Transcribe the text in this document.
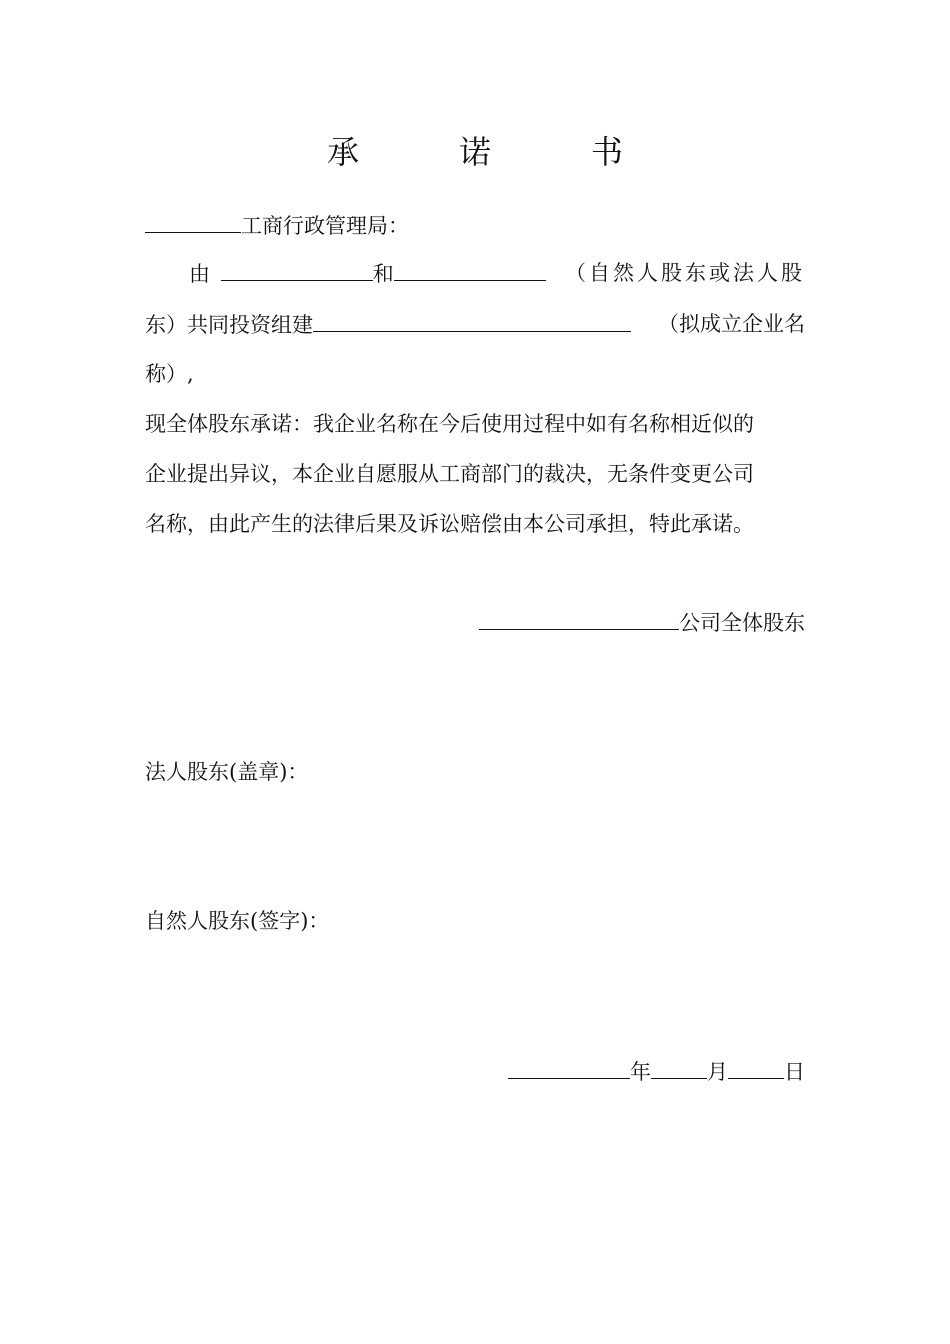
承　诺　书
工商行政管理局：
由	和	（自然人股东或法人股
东）共同投资组建	（拟成立企业名
称）,
现全体股东承诺：我企业名称在今后使用过程中如有名称相近似的
企业提出异议，本企业自愿服从工商部门的裁决，无条件变更公司
名称，由此产生的法律后果及诉讼赔偿由本公司承担，特此承诺。
公司全体股东
法人股东(盖章)：
自然人股东(签字)：
年	月	日
